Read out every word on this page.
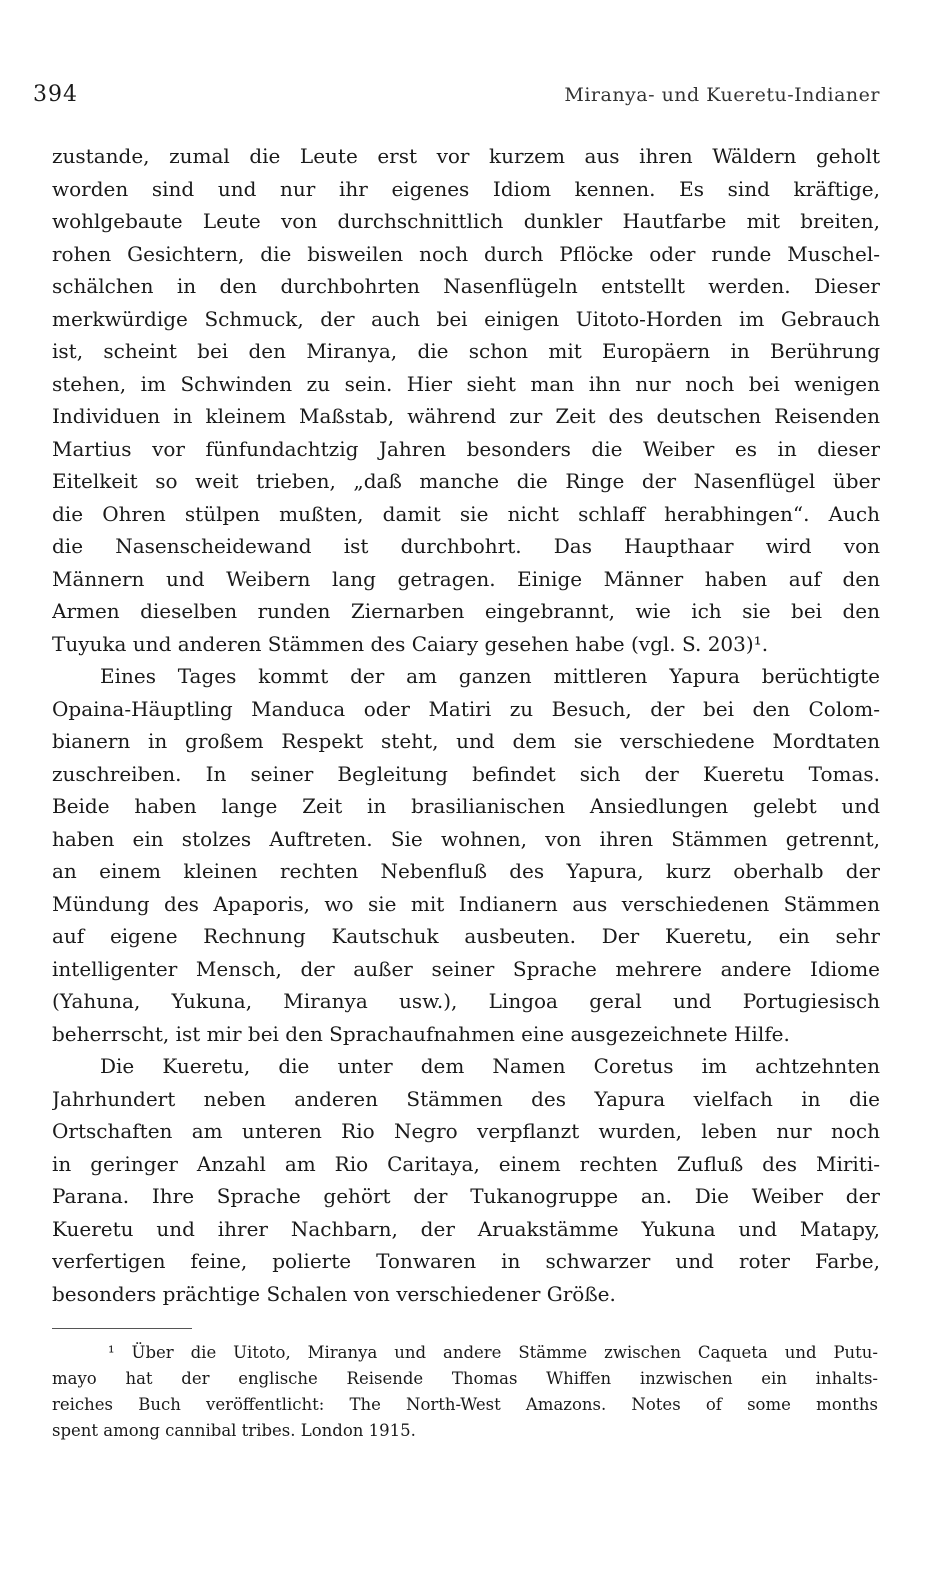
394	Miranya- und Kueretu-Indianer
zustande, zumal die Leute erst vor kurzem aus ihren Wäldern geholt
worden sind und nur ihr eigenes Idiom kennen. Es sind kräftige,
wohlgebaute Leute von durchschnittlich dunkler Hautfarbe mit breiten,
rohen Gesichtern, die bisweilen noch durch Pflöcke oder runde Muschel-
schälchen in den durchbohrten Nasenflügeln entstellt werden. Dieser
merkwürdige Schmuck, der auch bei einigen Uitoto-Horden im Gebrauch
ist, scheint bei den Miranya, die schon mit Europäern in Berührung
stehen, im Schwinden zu sein. Hier sieht man ihn nur noch bei wenigen
Individuen in kleinem Maßstab, während zur Zeit des deutschen Reisenden
Martius vor fünfundachtzig Jahren besonders die Weiber es in dieser
Eitelkeit so weit trieben, „daß manche die Ringe der Nasenflügel über
die Ohren stülpen mußten, damit sie nicht schlaff herabhingen“. Auch
die Nasenscheidewand ist durchbohrt. Das Haupthaar wird von
Männern und Weibern lang getragen. Einige Männer haben auf den
Armen dieselben runden Ziernarben eingebrannt, wie ich sie bei den
Tuyuka und anderen Stämmen des Caiary gesehen habe (vgl. S. 203)¹.
Eines Tages kommt der am ganzen mittleren Yapura berüchtigte
Opaina-Häuptling Manduca oder Matiri zu Besuch, der bei den Colom-
bianern in großem Respekt steht, und dem sie verschiedene Mordtaten
zuschreiben. In seiner Begleitung befindet sich der Kueretu Tomas.
Beide haben lange Zeit in brasilianischen Ansiedlungen gelebt und
haben ein stolzes Auftreten. Sie wohnen, von ihren Stämmen getrennt,
an einem kleinen rechten Nebenfluß des Yapura, kurz oberhalb der
Mündung des Apaporis, wo sie mit Indianern aus verschiedenen Stämmen
auf eigene Rechnung Kautschuk ausbeuten. Der Kueretu, ein sehr
intelligenter Mensch, der außer seiner Sprache mehrere andere Idiome
(Yahuna, Yukuna, Miranya usw.), Lingoa geral und Portugiesisch
beherrscht, ist mir bei den Sprachaufnahmen eine ausgezeichnete Hilfe.
Die Kueretu, die unter dem Namen Coretus im achtzehnten
Jahrhundert neben anderen Stämmen des Yapura vielfach in die
Ortschaften am unteren Rio Negro verpflanzt wurden, leben nur noch
in geringer Anzahl am Rio Caritaya, einem rechten Zufluß des Miriti-
Parana. Ihre Sprache gehört der Tukanogruppe an. Die Weiber der
Kueretu und ihrer Nachbarn, der Aruakstämme Yukuna und Matapy,
verfertigen feine, polierte Tonwaren in schwarzer und roter Farbe,
besonders prächtige Schalen von verschiedener Größe.
¹ Über die Uitoto, Miranya und andere Stämme zwischen Caqueta und Putu-
mayo hat der englische Reisende Thomas Whiffen inzwischen ein inhalts-
reiches Buch veröffentlicht: The North-West Amazons. Notes of some months
spent among cannibal tribes. London 1915.
